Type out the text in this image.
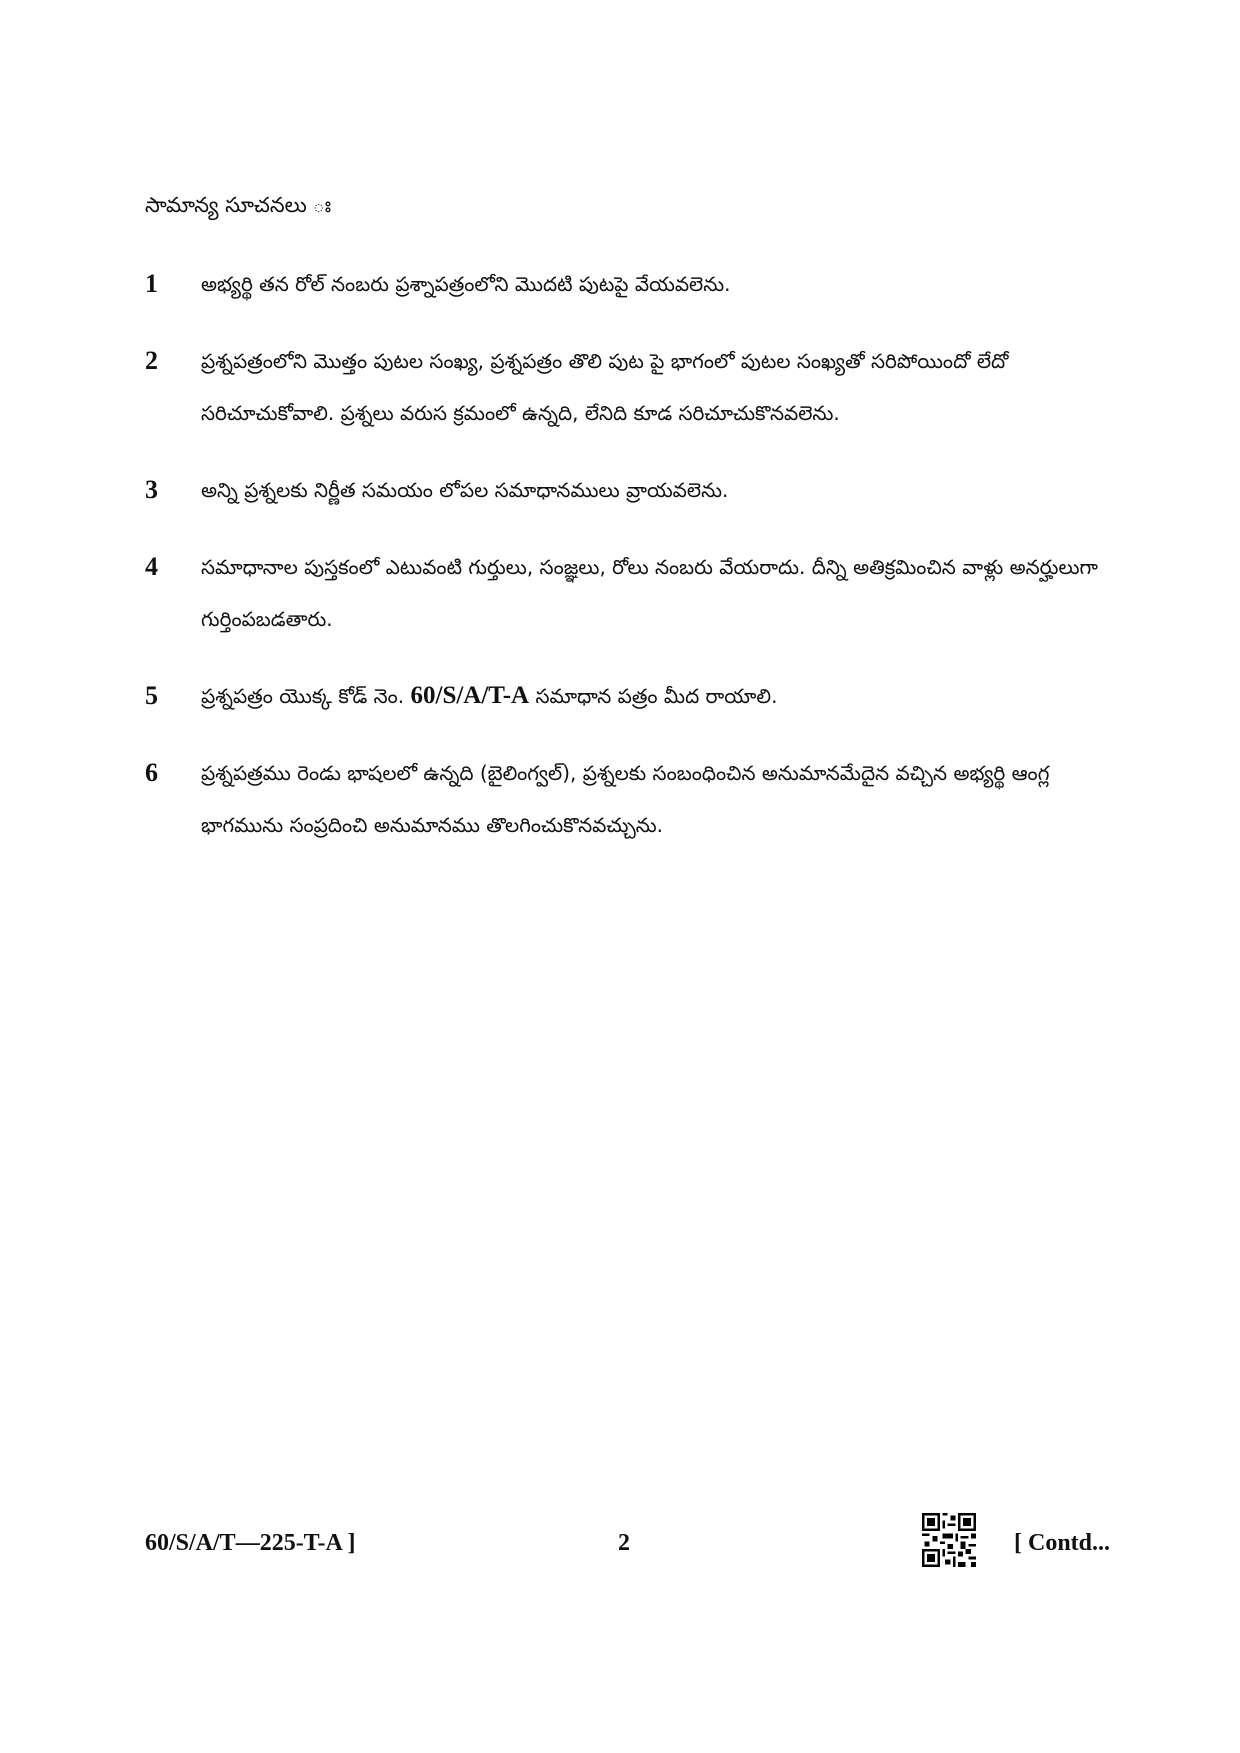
సామాన్య సూచనలు ః
1	అభ్యర్థి తన రోల్ నంబరు ప్రశ్నాపత్రంలోని మొదటి పుటపై వేయవలెను.
2	ప్రశ్నపత్రంలోని మొత్తం పుటల సంఖ్య, ప్రశ్నపత్రం తొలి పుట పై భాగంలో పుటల సంఖ్యతో సరిపోయిందో లేదో సరిచూచుకోవాలి. ప్రశ్నలు వరుస క్రమంలో ఉన్నది, లేనిది కూడ సరిచూచుకొనవలెను.
3	అన్ని ప్రశ్నలకు నిర్ణీత సమయం లోపల సమాధానములు వ్రాయవలెను.
4	సమాధానాల పుస్తకంలో ఎటువంటి గుర్తులు, సంజ్ఞలు, రోలు నంబరు వేయరాదు. దీన్ని అతిక్రమించిన వాళ్లు అనర్హులుగా గుర్తింపబడతారు.
5	ప్రశ్నపత్రం యొక్క కోడ్ నెం. 60/S/A/T-A సమాధాన పత్రం మీద రాయాలి.
6	ప్రశ్నపత్రము రెండు భాషలలో ఉన్నది (బైలింగ్వల్), ప్రశ్నలకు సంబంధించిన అనుమానమేదైన వచ్చిన అభ్యర్థి ఆంగ్ల భాగమును సంప్రదించి అనుమానము తొలగించుకొనవచ్చును.
60/S/A/T—225-T-A ]	2	[ Contd...
